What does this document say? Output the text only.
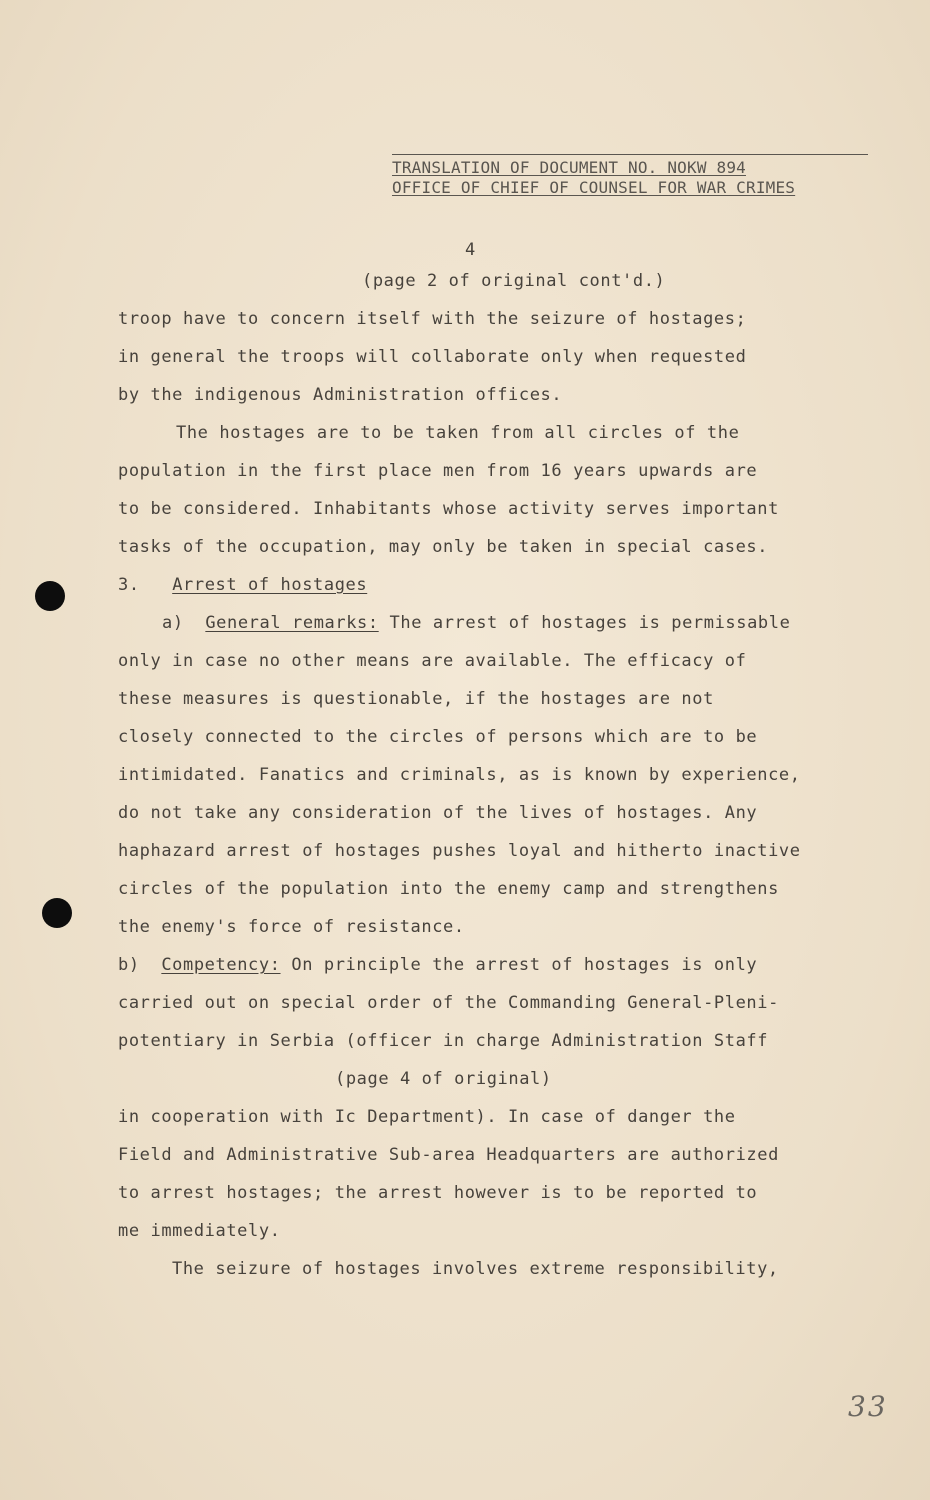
TRANSLATION OF DOCUMENT NO. NOKW 894
OFFICE OF CHIEF OF COUNSEL FOR WAR CRIMES
4
(page 2 of original cont'd.)
troop have to concern itself with the seizure of hostages;
in general the troops will collaborate only when requested
by the indigenous Administration offices.
The hostages are to be taken from all circles of the
population in the first place men from 16 years upwards are
to be considered. Inhabitants whose activity serves important
tasks of the occupation, may only be taken in special cases.
3. Arrest of hostages
a) General remarks: The arrest of hostages is permissable
only in case no other means are available. The efficacy of
these measures is questionable, if the hostages are not
closely connected to the circles of persons which are to be
intimidated. Fanatics and criminals, as is known by experience,
do not take any consideration of the lives of hostages. Any
haphazard arrest of hostages pushes loyal and hitherto inactive
circles of the population into the enemy camp and strengthens
the enemy's force of resistance.
b) Competency: On principle the arrest of hostages is only
carried out on special order of the Commanding General-Pleni-
potentiary in Serbia (officer in charge Administration Staff
(page 4 of original)
in cooperation with Ic Department). In case of danger the
Field and Administrative Sub-area Headquarters are authorized
to arrest hostages; the arrest however is to be reported to
me immediately.
The seizure of hostages involves extreme responsibility,
33
